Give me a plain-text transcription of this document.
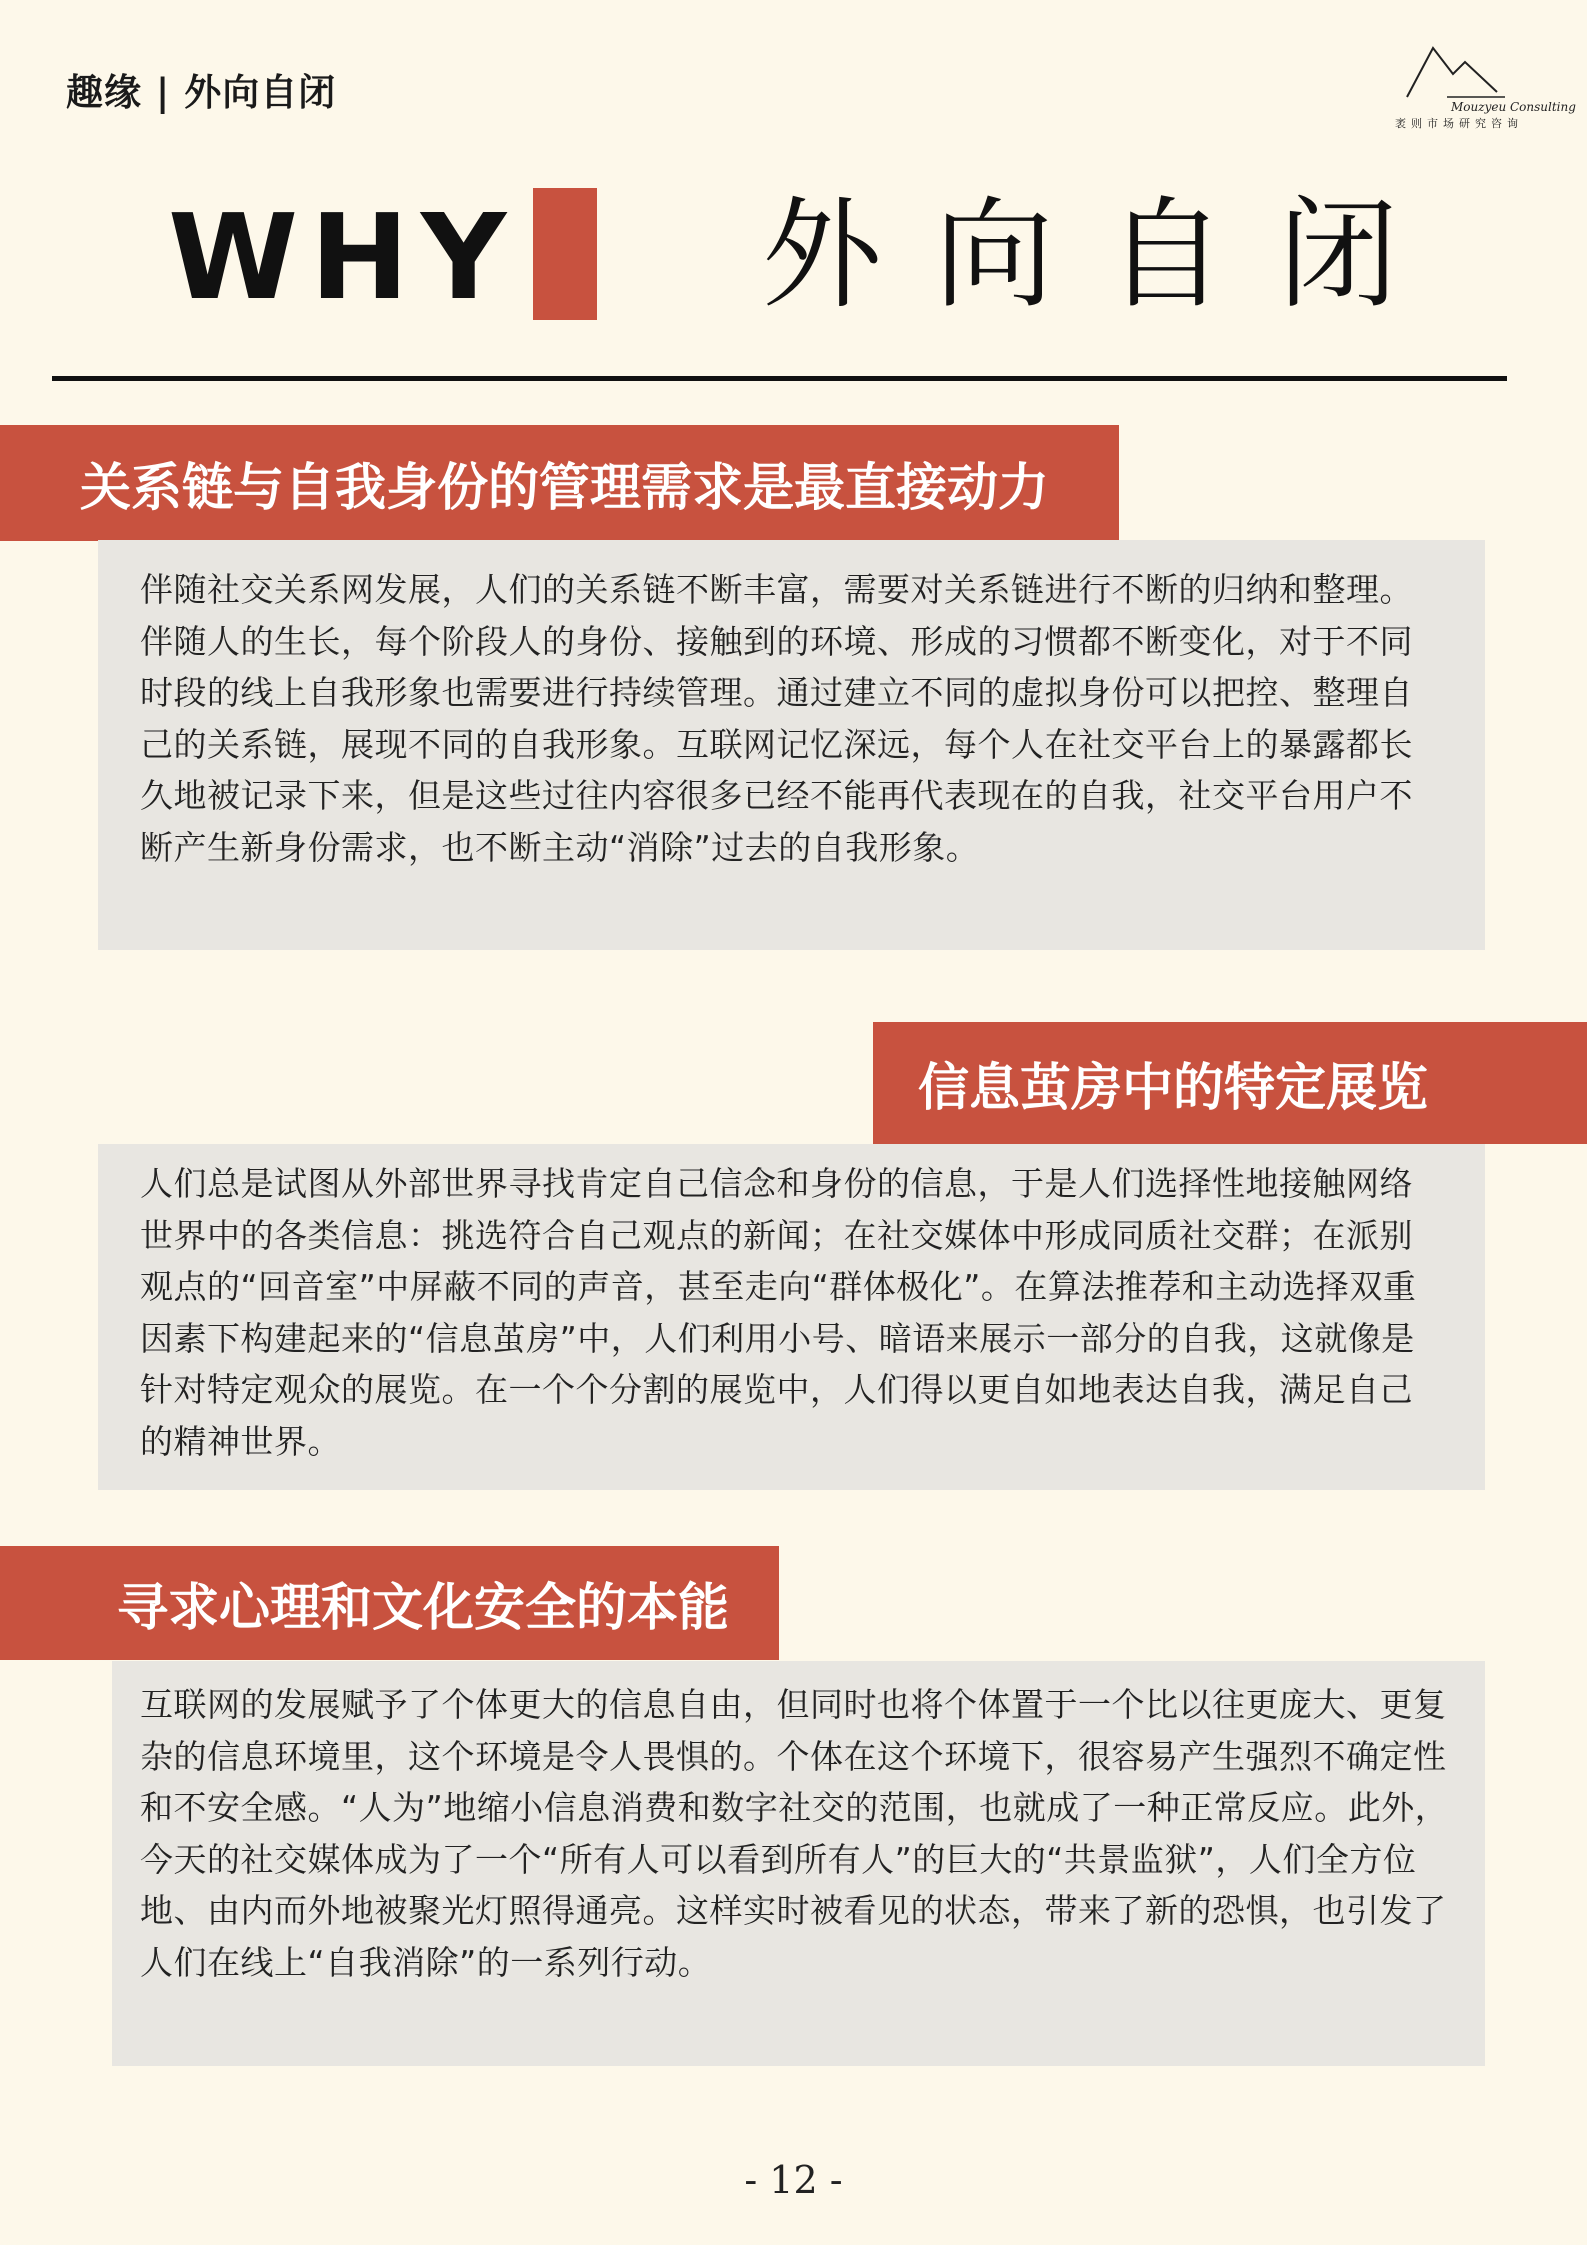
趣缘 | 外向自闭	Mouzyeu Consulting
袤则市场研究咨询
WHY 外向自闭
关系链与自我身份的管理需求是最直接动力
伴随社交关系网发展，人们的关系链不断丰富，需要对关系链进行不断的归纳和整理。伴随人的生长，每个阶段人的身份、接触到的环境、形成的习惯都不断变化，对于不同时段的线上自我形象也需要进行持续管理。通过建立不同的虚拟身份可以把控、整理自己的关系链，展现不同的自我形象。互联网记忆深远，每个人在社交平台上的暴露都长久地被记录下来，但是这些过往内容很多已经不能再代表现在的自我，社交平台用户不断产生新身份需求，也不断主动“消除”过去的自我形象。
信息茧房中的特定展览
人们总是试图从外部世界寻找肯定自己信念和身份的信息，于是人们选择性地接触网络世界中的各类信息：挑选符合自己观点的新闻；在社交媒体中形成同质社交群；在派别观点的“回音室”中屏蔽不同的声音，甚至走向“群体极化”。在算法推荐和主动选择双重因素下构建起来的“信息茧房”中，人们利用小号、暗语来展示一部分的自我，这就像是针对特定观众的展览。在一个个分割的展览中，人们得以更自如地表达自我，满足自己的精神世界。
寻求心理和文化安全的本能
互联网的发展赋予了个体更大的信息自由，但同时也将个体置于一个比以往更庞大、更复杂的信息环境里，这个环境是令人畏惧的。个体在这个环境下，很容易产生强烈不确定性和不安全感。“人为”地缩小信息消费和数字社交的范围，也就成了一种正常反应。此外，今天的社交媒体成为了一个“所有人可以看到所有人”的巨大的“共景监狱”，人们全方位地、由内而外地被聚光灯照得通亮。这样实时被看见的状态，带来了新的恐惧，也引发了人们在线上“自我消除”的一系列行动。
- 12 -
